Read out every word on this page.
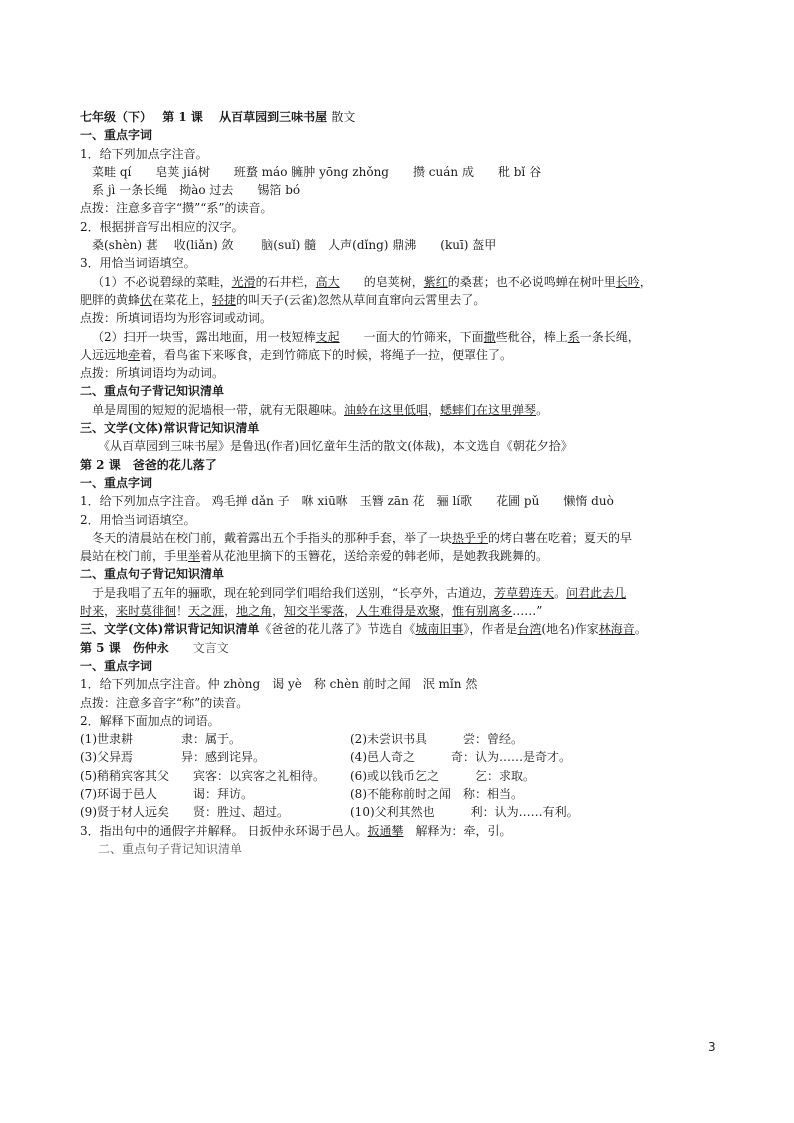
七年级（下）　 第 1 课　 从百草园到三味书屋 散文
一、重点字词
1．给下列加点字注音。
菜畦 qí　　皂荚 jiá树　　班蝥 máo 臃肿 yōng zhǒng　　攒 cuán 成　　秕 bǐ 谷
系 jì 一条长绳　拗ào 过去　　锡箔 bó
点拨：注意多音字“攒”“系”的读音。
2．根据拼音写出相应的汉字。
桑(shèn) 葚　 收(liǎn) 敛　　 脑(suǐ) 髓　人声(dǐng) 鼎沸　　(kuī) 盔甲
3．用恰当词语填空。
（1）不必说碧绿的菜畦，光滑的石井栏，高大　　的皂荚树，紫红的桑葚；也不必说鸣蝉在树叶里长吟，
肥胖的黄蜂伏在菜花上，轻捷的叫天子(云雀)忽然从草间直窜向云霄里去了。
点拨：所填词语均为形容词或动词。
（2）扫开一块雪，露出地面，用一枝短棒支起　　一面大的竹筛来，下面撒些秕谷，棒上系一条长绳，
人远远地牵着，看鸟雀下来啄食，走到竹筛底下的时候，将绳子一拉，便罩住了。
点拨：所填词语均为动词。
二、重点句子背记知识清单
单是周围的短短的泥墙根一带，就有无限趣味。油蛉在这里低唱，蟋蟀们在这里弹琴。
三、文学(文体)常识背记知识清单
《从百草园到三味书屋》是鲁迅(作者)回忆童年生活的散文(体裁)，本文选自《朝花夕拾》
第 2 课　爸爸的花儿落了
一、重点字词
1．给下列加点字注音。 鸡毛掸 dǎn 子　咻 xiū咻　玉簪 zān 花　骊 lí歌　　花圃 pǔ　　懒惰 duò
2．用恰当词语填空。
冬天的清晨站在校门前，戴着露出五个手指头的那种手套，举了一块热乎乎的烤白薯在吃着；夏天的早
晨站在校门前，手里举着从花池里摘下的玉簪花，送给亲爱的韩老师，是她教我跳舞的。
二、重点句子背记知识清单
于是我唱了五年的骊歌，现在轮到同学们唱给我们送别，“长亭外，古道边，芳草碧连天。问君此去几
时来，来时莫徘徊！天之涯，地之角，知交半零落，人生难得是欢聚，惟有别离多……”
三、文学(文体)常识背记知识清单《爸爸的花儿落了》节选自《城南旧事》，作者是台湾(地名)作家林海音。
第 5 课　伤仲永　　 文言文
一、重点字词
1．给下列加点字注音。仲 zhòng　谒 yè　称 chèn 前时之闻　泯 mǐn 然
点拨：注意多音字“称”的读音。
2．解释下面加点的词语。
(1)世隶耕　　　　隶：属于。	(2)未尝识书具　　　尝：曾经。
(3)父异焉　　　　异：感到诧异。	(4)邑人奇之　　　奇：认为……是奇才。
(5)稍稍宾客其父　　宾客：以宾客之礼相待。	(6)或以钱币乞之　　　乞：求取。
(7)环谒于邑人　　　谒：拜访。	(8)不能称前时之闻　称：相当。
(9)贤于材人远矣　　贤：胜过、超过。	(10)父利其然也　　　利：认为……有利。
3．指出句中的通假字并解释。 日扳仲永环谒于邑人。扳通攀　解释为：牵，引。
二、重点句子背记知识清单
3
